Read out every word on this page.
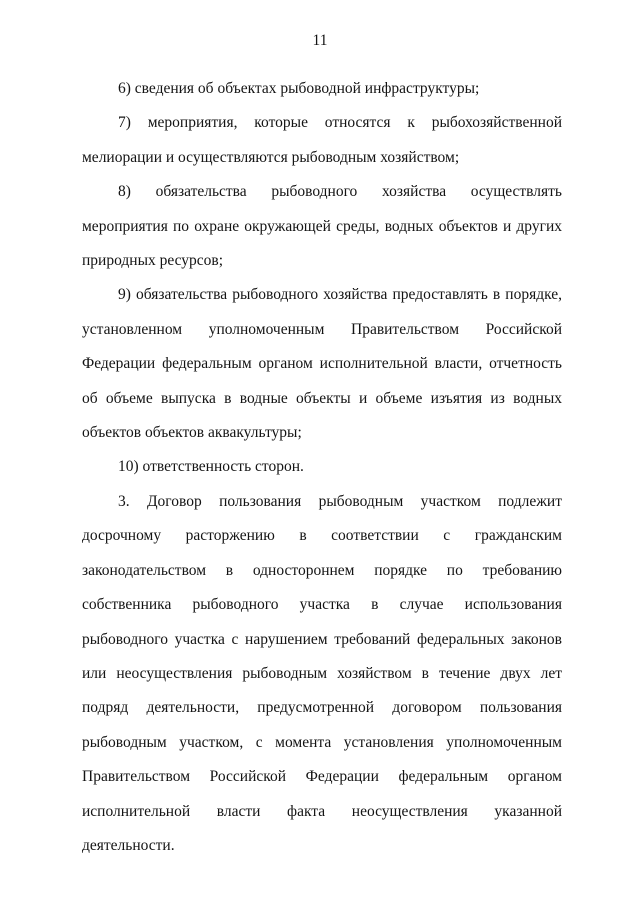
11

6) сведения об объектах рыбоводной инфраструктуры;

7) мероприятия, которые относятся к рыбохозяйственной мелиорации и осуществляются рыбоводным хозяйством;

8) обязательства рыбоводного хозяйства осуществлять мероприятия по охране окружающей среды, водных объектов и других природных ресурсов;

9) обязательства рыбоводного хозяйства предоставлять в порядке, установленном уполномоченным Правительством Российской Федерации федеральным органом исполнительной власти, отчетность об объеме выпуска в водные объекты и объеме изъятия из водных объектов объектов аквакультуры;

10) ответственность сторон.

3. Договор пользования рыбоводным участком подлежит досрочному расторжению в соответствии с гражданским законодательством в одностороннем порядке по требованию собственника рыбоводного участка в случае использования рыбоводного участка с нарушением требований федеральных законов или неосуществления рыбоводным хозяйством в течение двух лет подряд деятельности, предусмотренной договором пользования рыбоводным участком, с момента установления уполномоченным Правительством Российской Федерации федеральным органом исполнительной власти факта неосуществления указанной деятельности.
